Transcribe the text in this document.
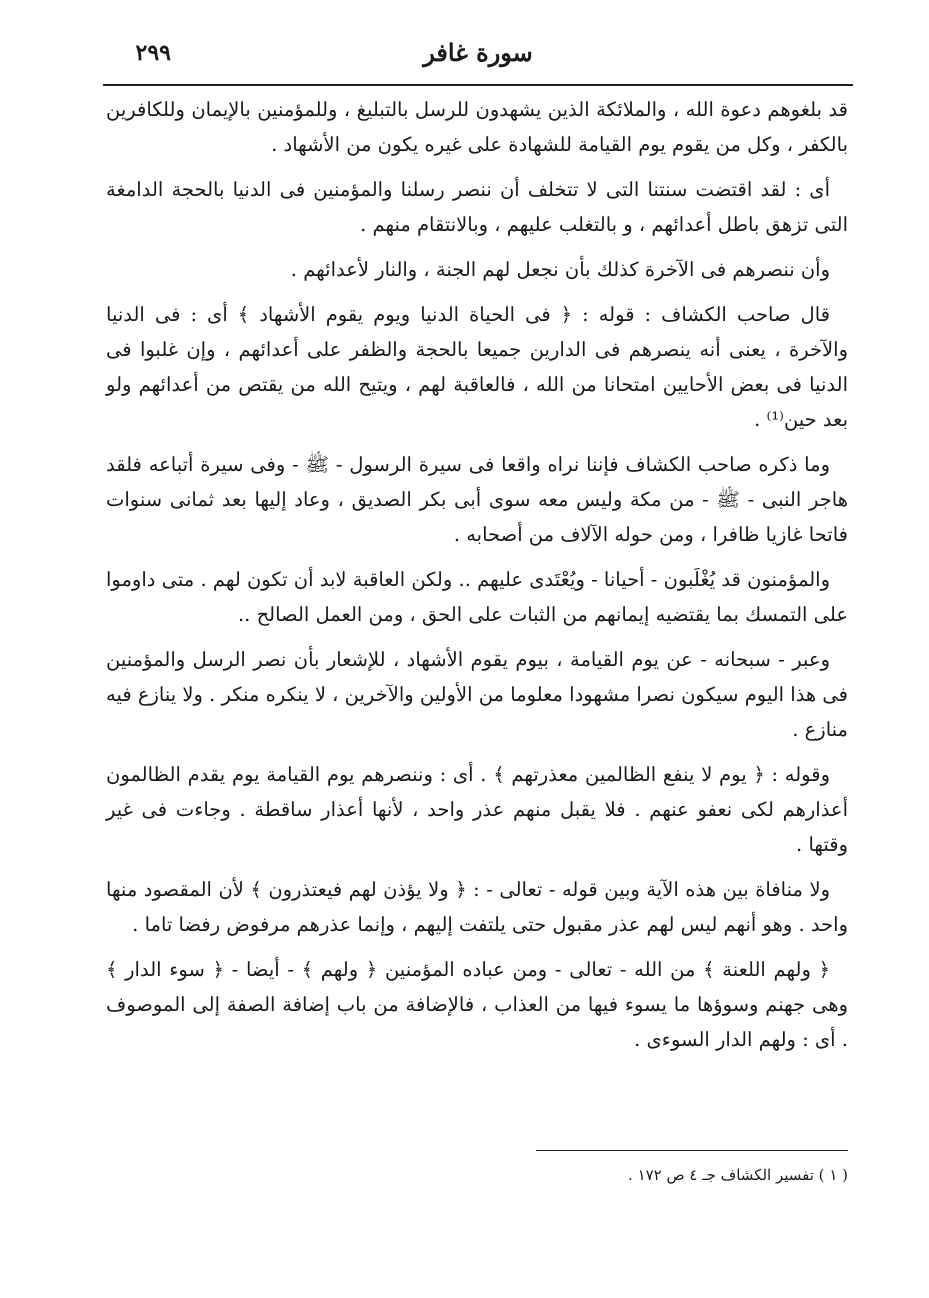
٢٩٩	سورة غافر

قد بلغوهم دعوة الله ، والملائكة الذين يشهدون للرسل بالتبليغ ، وللمؤمنين بالإيمان وللكافرين بالكفر ، وكل من يقوم يوم القيامة للشهادة على غيره يكون من الأشهاد .

أى : لقد اقتضت سنتنا التى لا تتخلف أن ننصر رسلنا والمؤمنين فى الدنيا بالحجة الدامغة التى تزهق باطل أعدائهم ، و بالتغلب عليهم ، وبالانتقام منهم .

وأن ننصرهم فى الآخرة كذلك بأن نجعل لهم الجنة ، والنار لأعدائهم .

قال صاحب الكشاف : قوله : ﴿ فى الحياة الدنيا ويوم يقوم الأشهاد ﴾ أى : فى الدنيا والآخرة ، يعنى أنه ينصرهم فى الدارين جميعا بالحجة والظفر على أعدائهم ، وإن غلبوا فى الدنيا فى بعض الأحايين امتحانا من الله ، فالعاقبة لهم ، ويتيح الله من يقتص من أعدائهم ولو بعد حين⁽¹⁾ .

وما ذكره صاحب الكشاف فإننا نراه واقعا فى سيرة الرسول - ﷺ - وفى سيرة أتباعه فلقد هاجر النبى - ﷺ - من مكة وليس معه سوى أبى بكر الصديق ، وعاد إليها بعد ثمانى سنوات فاتحا غازيا ظافرا ، ومن حوله الآلاف من أصحابه .

والمؤمنون قد يُغْلَبون - أحيانا - ويُعْتَدى عليهم .. ولكن العاقبة لابد أن تكون لهم . متى داوموا على التمسك بما يقتضيه إيمانهم من الثبات على الحق ، ومن العمل الصالح ..

وعبر - سبحانه - عن يوم القيامة ، بيوم يقوم الأشهاد ، للإشعار بأن نصر الرسل والمؤمنين فى هذا اليوم سيكون نصرا مشهودا معلوما من الأولين والآخرين ، لا ينكره منكر . ولا ينازع فيه منازع .

وقوله : ﴿ يوم لا ينفع الظالمين معذرتهم ﴾ . أى : وننصرهم يوم القيامة يوم يقدم الظالمون أعذارهم لكى نعفو عنهم . فلا يقبل منهم عذر واحد ، لأنها أعذار ساقطة . وجاءت فى غير وقتها .

ولا منافاة بين هذه الآية وبين قوله - تعالى - : ﴿ ولا يؤذن لهم فيعتذرون ﴾ لأن المقصود منها واحد . وهو أنهم ليس لهم عذر مقبول حتى يلتفت إليهم ، وإنما عذرهم مرفوض رفضا تاما .

﴿ ولهم اللعنة ﴾ من الله - تعالى - ومن عباده المؤمنين ﴿ ولهم ﴾ - أيضا - ﴿ سوء الدار ﴾ وهى جهنم وسوؤها ما يسوء فيها من العذاب ، فالإضافة من باب إضافة الصفة إلى الموصوف . أى : ولهم الدار السوءى .

( ١ ) تفسير الكشاف جـ ٤ ص ١٧٢ .
